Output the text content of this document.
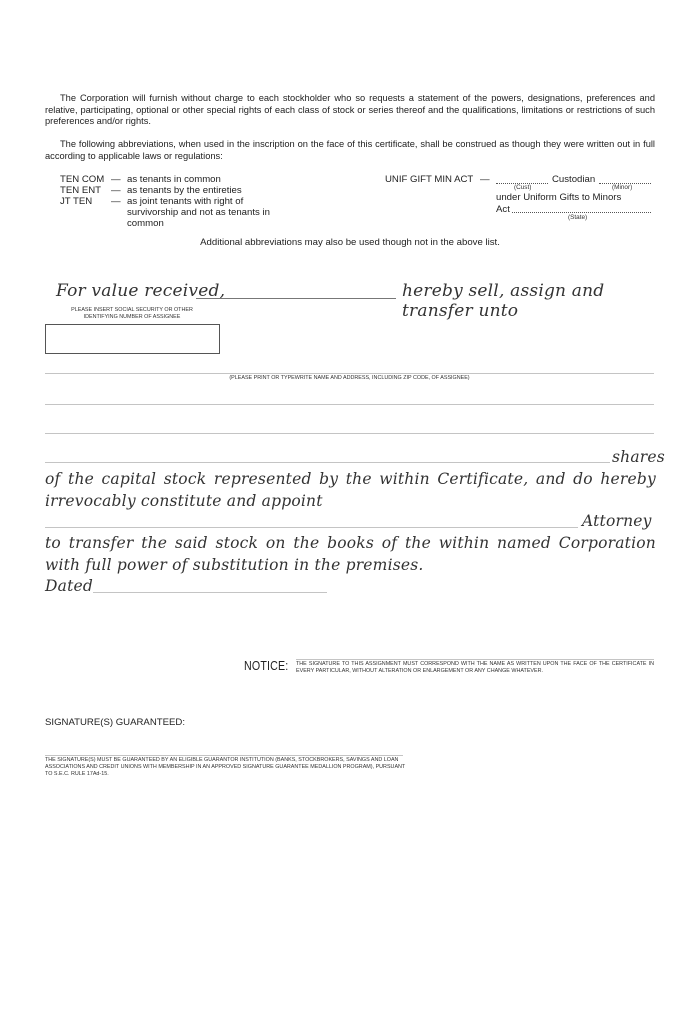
The Corporation will furnish without charge to each stockholder who so requests a statement of the powers, designations, preferences and relative, participating, optional or other special rights of each class of stock or series thereof and the qualifications, limitations or restrictions of such preferences and/or rights.
The following abbreviations, when used in the inscription on the face of this certificate, shall be construed as though they were written out in full according to applicable laws or regulations:
TEN COM — as tenants in common
TEN ENT — as tenants by the entireties
JT TEN — as joint tenants with right of survivorship and not as tenants in common
UNIF GIFT MIN ACT —	Custodian
(Cust)	(Minor)
under Uniform Gifts to Minors
Act
(State)
Additional abbreviations may also be used though not in the above list.
For value received,	hereby sell, assign and transfer unto
PLEASE INSERT SOCIAL SECURITY OR OTHER IDENTIFYING NUMBER OF ASSIGNEE
(PLEASE PRINT OR TYPEWRITE NAME AND ADDRESS, INCLUDING ZIP CODE, OF ASSIGNEE)
shares
of the capital stock represented by the within Certificate, and do hereby irrevocably constitute and appoint
Attorney
to transfer the said stock on the books of the within named Corporation with full power of substitution in the premises.
Dated
NOTICE: THE SIGNATURE TO THIS ASSIGNMENT MUST CORRESPOND WITH THE NAME AS WRITTEN UPON THE FACE OF THE CERTIFICATE IN EVERY PARTICULAR, WITHOUT ALTERATION OR ENLARGEMENT OR ANY CHANGE WHATEVER.
SIGNATURE(S) GUARANTEED:
THE SIGNATURE(S) MUST BE GUARANTEED BY AN ELIGIBLE GUARANTOR INSTITUTION (BANKS, STOCKBROKERS, SAVINGS AND LOAN ASSOCIATIONS AND CREDIT UNIONS WITH MEMBERSHIP IN AN APPROVED SIGNATURE GUARANTEE MEDALLION PROGRAM), PURSUANT TO S.E.C. RULE 17Ad-15.
